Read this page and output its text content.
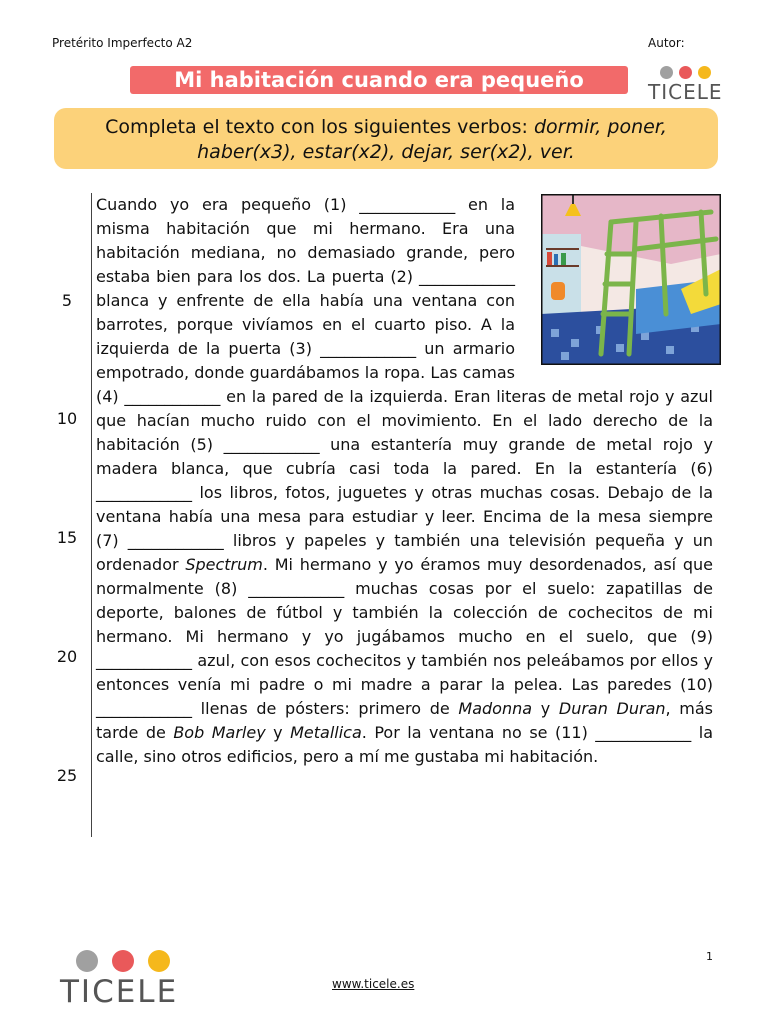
Pretérito Imperfecto A2	Autor:
Mi habitación cuando era pequeño	TICELE
Completa el texto con los siguientes verbos: dormir, poner,
haber(x3), estar(x2), dejar, ser(x2), ver.
5
10
15
20
25
Cuando yo era pequeño (1) ____________ en la misma habitación que mi hermano. Era una habitación mediana, no demasiado grande, pero estaba bien para los dos. La puerta (2) ____________ blanca y enfrente de ella había una ventana con barrotes, porque vivíamos en el cuarto piso. A la izquierda de la puerta (3) ____________ un armario empotrado, donde guardábamos la ropa. Las camas (4) ____________ en la pared de la izquierda. Eran literas de metal rojo y azul que hacían mucho ruido con el movimiento. En el lado derecho de la habitación (5) ____________ una estantería muy grande de metal rojo y madera blanca, que cubría casi toda la pared. En la estantería (6) ____________ los libros, fotos, juguetes y otras muchas cosas. Debajo de la ventana había una mesa para estudiar y leer. Encima de la mesa siempre (7) ____________ libros y papeles y también una televisión pequeña y un ordenador Spectrum. Mi hermano y yo éramos muy desordenados, así que normalmente (8) ____________ muchas cosas por el suelo: zapatillas de deporte, balones de fútbol y también la colección de cochecitos de mi hermano. Mi hermano y yo jugábamos mucho en el suelo, que (9) ____________ azul, con esos cochecitos y también nos peleábamos por ellos y entonces venía mi padre o mi madre a parar la pelea. Las paredes (10) ____________ llenas de pósters: primero de Madonna y Duran Duran, más tarde de Bob Marley y Metallica. Por la ventana no se (11) ____________ la calle, sino otros edificios, pero a mí me gustaba mi habitación.
TICELE
1
www.ticele.es
